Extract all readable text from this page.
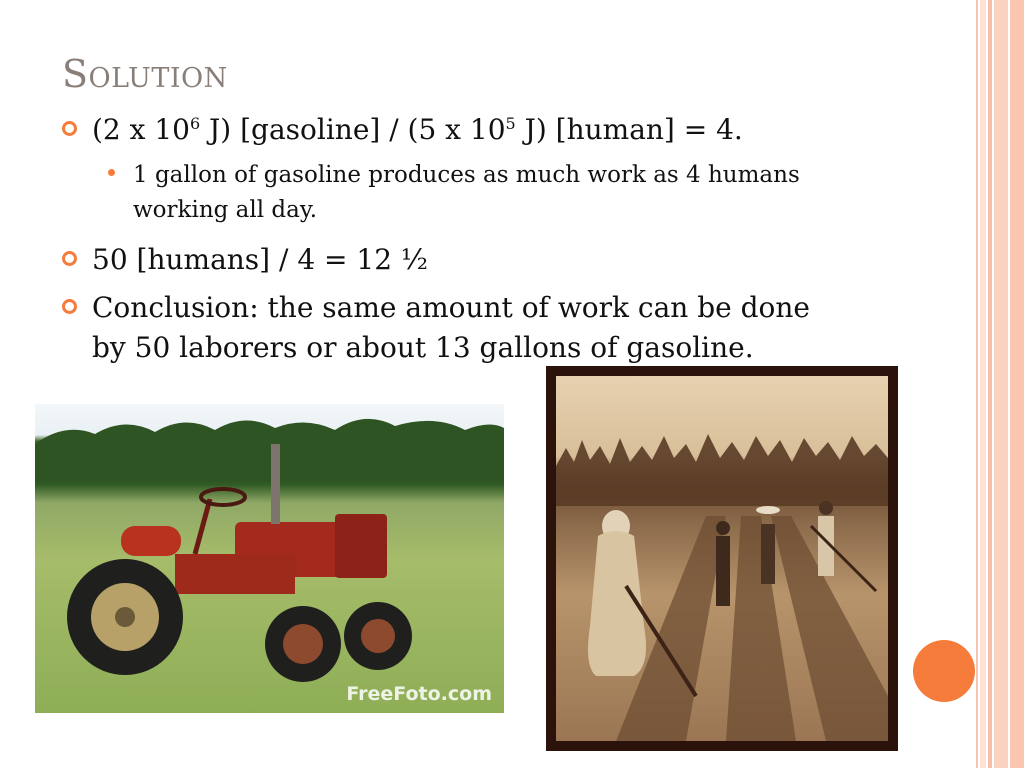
Solution
(2 x $10^6$ J) [gasoline] / (5 x $10^5$ J) [human] = 4.
1 gallon of gasoline produces as much work as 4 humans working all day.
50 [humans] / 4 = 12 ½
Conclusion: the same amount of work can be done by 50 laborers or about 13 gallons of gasoline.
FreeFoto.com
